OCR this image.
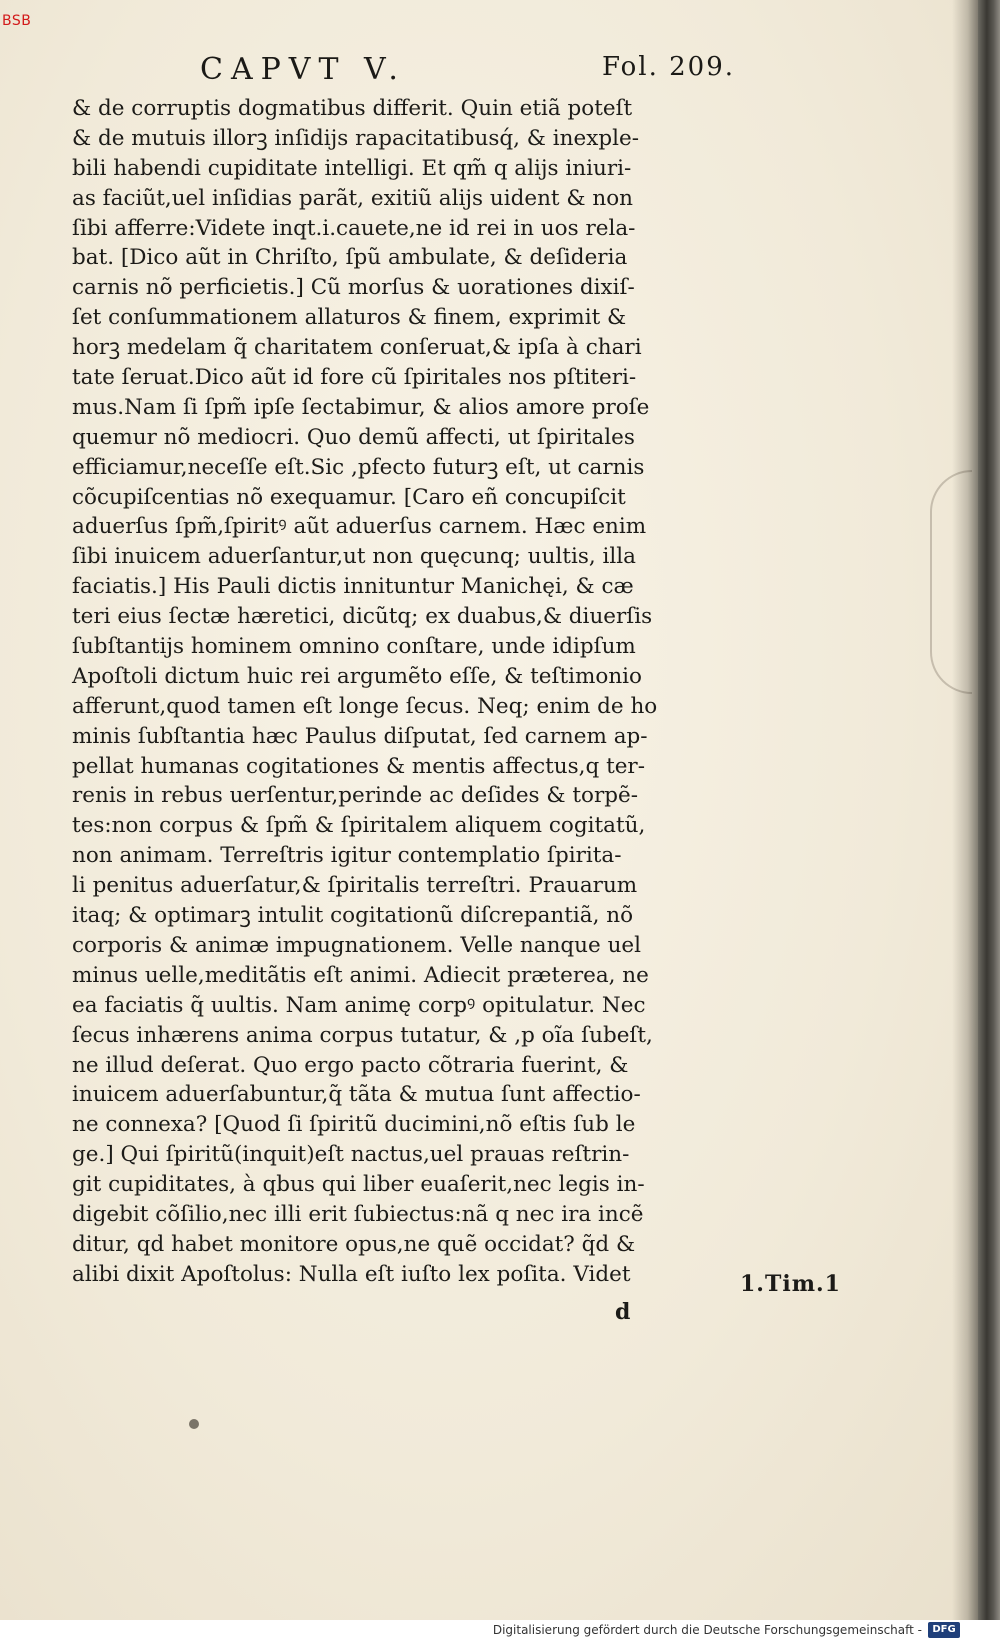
BSB
CAPVT V.	Fol. 209.
& de corruptis dogmatibus differit. Quin etiã poteſt
& de mutuis illorꝫ inſidijs rapacitatibusq́, & inexple-
bili habendi cupiditate intelligi. Et qm̃ q alijs iniuri-
as faciũt,uel inſidias parãt, exitiũ alijs uident & non
ſibi afferre:Videte inqt.i.cauete,ne id rei in uos rela-
bat. [Dico aũt in Chriſto, ſpũ ambulate, & deſideria
carnis nõ perficietis.] Cũ morſus & uorationes dixiſ-
ſet conſummationem allaturos & finem, exprimit &
horꝫ medelam q̃ charitatem conſeruat,& ipſa à chari
tate ſeruat.Dico aũt id fore cũ ſpiritales nos pſtiteri-
mus.Nam ſi ſpm̃ ipſe ſectabimur, & alios amore proſe
quemur nõ mediocri. Quo demũ affecti, ut ſpiritales
efficiamur,neceſſe eſt.Sic ,pfecto futurꝫ eſt, ut carnis
cõcupiſcentias nõ exequamur. [Caro eñ concupiſcit
aduerſus ſpm̃,ſpiritꝰ aũt aduerſus carnem. Hæc enim
ſibi inuicem aduerſantur,ut non quęcunq; uultis, illa
faciatis.] His Pauli dictis innituntur Manichęi, & cæ
teri eius ſectæ hæretici, dicũtq; ex duabus,& diuerſis
ſubſtantijs hominem omnino conſtare, unde idipſum
Apoſtoli dictum huic rei argumẽto eſſe, & teſtimonio
afferunt,quod tamen eſt longe ſecus. Neq; enim de ho
minis ſubſtantia hæc Paulus diſputat, ſed carnem ap-
pellat humanas cogitationes & mentis affectus,q ter-
renis in rebus uerſentur,perinde ac deſides & torpẽ-
tes:non corpus & ſpm̃ & ſpiritalem aliquem cogitatũ,
non animam. Terreſtris igitur contemplatio ſpirita-
li penitus aduerſatur,& ſpiritalis terreſtri. Prauarum
itaq; & optimarꝫ intulit cogitationũ diſcrepantiã, nõ
corporis & animæ impugnationem. Velle nanque uel
minus uelle,meditãtis eſt animi. Adiecit præterea, ne
ea faciatis q̃ uultis. Nam animę corpꝰ opitulatur. Nec
ſecus inhærens anima corpus tutatur, & ,p oĩa ſubeſt,
ne illud deſerat. Quo ergo pacto cõtraria fuerint, &
inuicem aduerſabuntur,q̃ tãta & mutua ſunt affectio-
ne connexa? [Quod ſi ſpiritũ ducimini,nõ eſtis ſub le
ge.] Qui ſpiritũ(inquit)eſt nactus,uel prauas reſtrin-
git cupiditates, à qbus qui liber euaſerit,nec legis in-
digebit cõſilio,nec illi erit ſubiectus:nã q nec ira incẽ
ditur, qd habet monitore opus,ne quẽ occidat? q̃d &
alibi dixit Apoſtolus: Nulla eſt iuſto lex poſita. Videt	1.Tim.1
d
Digitalisierung gefördert durch die Deutsche Forschungsgemeinschaft -	DFG
